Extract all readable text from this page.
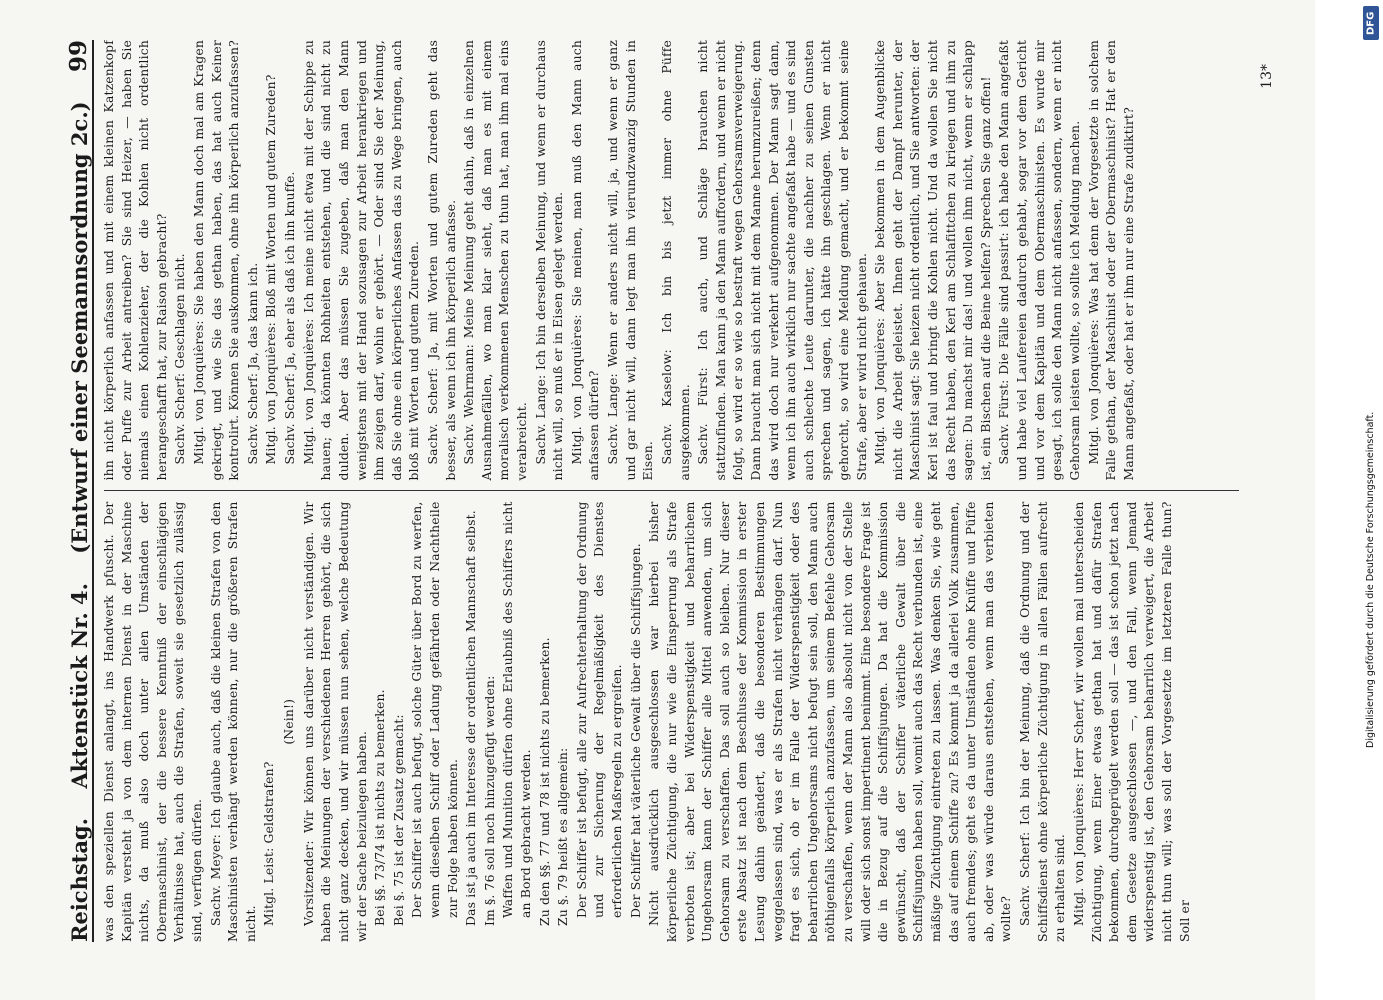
Reichstag.
Aktenstück Nr. 4.
(Entwurf einer Seemannsordnung 2c.)
99

was den speziellen Dienst anlangt, ins Handwerk pfuscht. Der Kapitän versteht ja von dem internen Dienst in der Maschine nichts, da muß also doch unter allen Umständen der Obermaschinist, der die bessere Kenntniß der einschlägigen Verhältnisse hat, auch die Strafen, soweit sie gesetzlich zulässig sind, verfügen dürfen. Sachv. Meyer: Ich glaube auch, daß die kleinen Strafen von den Maschinisten verhängt werden können, nur die größeren Strafen nicht. Mitgl. Leist: Geldstrafen?

(Nein!) Vorsitzender: Wir können uns darüber nicht verständigen. Wir haben die Meinungen der verschiedenen Herren gehört, die sich nicht ganz decken, und wir müssen nun sehen, welche Bedeutung wir der Sache beizulegen haben. Bei §§. 73/74 ist nichts zu bemerken. Bei §. 75 ist der Zusatz gemacht: Der Schiffer ist auch befugt, solche Güter über Bord zu werfen, wenn dieselben Schiff oder Ladung gefährden oder Nachtheile zur Folge haben können. Das ist ja auch im Interesse der ordentlichen Mannschaft selbst. Im §. 76 soll noch hinzugefügt werden: Waffen und Munition dürfen ohne Erlaubniß des Schiffers nicht an Bord gebracht werden. Zu den §§. 77 und 78 ist nichts zu bemerken. Zu §. 79 heißt es allgemein: Der Schiffer ist befugt, alle zur Aufrechterhaltung der Ordnung und zur Sicherung der Regelmäßigkeit des Dienstes erforderlichen Maßregeln zu ergreifen. Der Schiffer hat väterliche Gewalt über die Schiffsjungen. Nicht ausdrücklich ausgeschlossen war hierbei bisher körperliche Züchtigung, die nur wie die Einsperrung als Strafe verboten ist; aber bei Widerspenstigkeit und beharrlichem Ungehorsam kann der Schiffer alle Mittel anwenden, um sich Gehorsam zu verschaffen. Das soll auch so bleiben. Nur dieser erste Absatz ist nach dem Beschlusse der Kommission in erster Lesung dahin geändert, daß die besonderen Bestimmungen weggelassen sind, was er als Strafen nicht verhängen darf. Nun fragt es sich, ob er im Falle der Widerspenstigkeit oder des beharrlichen Ungehorsams nicht befugt sein soll, den Mann auch nöthigenfalls körperlich anzufassen, um seinem Befehle Gehorsam zu verschaffen, wenn der Mann also absolut nicht von der Stelle will oder sich sonst impertinent benimmt. Eine besondere Frage ist die in Bezug auf die Schiffsjungen. Da hat die Kommission gewünscht, daß der Schiffer väterliche Gewalt über die Schiffsjungen haben soll, womit auch das Recht verbunden ist, eine mäßige Züchtigung eintreten zu lassen. Was denken Sie, wie geht das auf einem Schiffe zu? Es kommt ja da allerlei Volk zusammen, auch fremdes; geht es da unter Umständen ohne Knüffe und Püffe ab, oder was würde daraus entstehen, wenn man das verbieten wollte? Sachv. Scherf: Ich bin der Meinung, daß die Ordnung und der Schiffsdienst ohne körperliche Züchtigung in allen Fällen aufrecht zu erhalten sind. Mitgl. von Jonquières: Herr Scherf, wir wollen mal unterscheiden Züchtigung, wenn Einer etwas gethan hat und dafür Strafen bekommen, durchgeprügelt werden soll — das ist schon jetzt nach dem Gesetze ausgeschlossen —, und den Fall, wenn Jemand widerspenstig ist, den Gehorsam beharrlich verweigert, die Arbeit nicht thun will; was soll der Vorgesetzte im letzteren Falle thun? Soll er

ihn nicht körperlich anfassen und mit einem kleinen Katzenkopf oder Puffe zur Arbeit antreiben? Sie sind Heizer, — haben Sie niemals einen Kohlenzieher, der die Kohlen nicht ordentlich herangeschafft hat, zur Raison gebracht? Sachv. Scherf: Geschlagen nicht. Mitgl. von Jonquières: Sie haben den Mann doch mal am Kragen gekriegt, und wie Sie das gethan haben, das hat auch Keiner kontrolirt. Können Sie auskommen, ohne ihn körperlich anzufassen? Sachv. Scherf: Ja, das kann ich. Mitgl. von Jonquières: Bloß mit Worten und gutem Zureden? Sachv. Scherf: Ja, eher als daß ich ihn knuffe. Mitgl. von Jonquières: Ich meine nicht etwa mit der Schippe zu hauen; da könnten Rohheiten entstehen, und die sind nicht zu dulden. Aber das müssen Sie zugeben, daß man den Mann wenigstens mit der Hand sozusagen zur Arbeit herankriegen und ihm zeigen darf, wohin er gehört. — Oder sind Sie der Meinung, daß Sie ohne ein körperliches Anfassen das zu Wege bringen, auch bloß mit Worten und gutem Zureden. Sachv. Scherf: Ja, mit Worten und gutem Zureden geht das besser, als wenn ich ihn körperlich anfasse. Sachv. Wehrmann: Meine Meinung geht dahin, daß in einzelnen Ausnahmefällen, wo man klar sieht, daß man es mit einem moralisch verkommenen Menschen zu thun hat, man ihm mal eins verabreicht. Sachv. Lange: Ich bin derselben Meinung, und wenn er durchaus nicht will, so muß er in Eisen gelegt werden. Mitgl. von Jonquières: Sie meinen, man muß den Mann auch anfassen dürfen? Sachv. Lange: Wenn er anders nicht will, ja, und wenn er ganz und gar nicht will, dann legt man ihn vierundzwanzig Stunden in Eisen. Sachv. Kaselow: Ich bin bis jetzt immer ohne Püffe ausgekommen. Sachv. Fürst: Ich auch, und Schläge brauchen nicht stattzufinden. Man kann ja den Mann auffordern, und wenn er nicht folgt, so wird er so wie so bestraft wegen Gehorsamsverweigerung. Dann braucht man sich nicht mit dem Manne herumzureißen; denn das wird doch nur verkehrt aufgenommen. Der Mann sagt dann, wenn ich ihn auch wirklich nur sachte angefaßt habe — und es sind auch schlechte Leute darunter, die nachher zu seinen Gunsten sprechen und sagen, ich hätte ihn geschlagen. Wenn er nicht gehorcht, so wird eine Meldung gemacht, und er bekommt seine Strafe, aber er wird nicht gehauen. Mitgl. von Jonquières: Aber Sie bekommen in dem Augenblicke nicht die Arbeit geleistet. Ihnen geht der Dampf herunter, der Maschinist sagt: Sie heizen nicht ordentlich, und Sie antworten: der Kerl ist faul und bringt die Kohlen nicht. Und da wollen Sie nicht das Recht haben, den Kerl am Schlafittchen zu kriegen und ihm zu sagen: Du machst mir das! und wollen ihm nicht, wenn er schlapp ist, ein Bischen auf die Beine helfen? Sprechen Sie ganz offen! Sachv. Fürst: Die Fälle sind passirt: ich habe den Mann angefaßt und habe viel Laufereien dadurch gehabt, sogar vor dem Gericht und vor dem Kapitän und dem Obermaschinisten. Es wurde mir gesagt, ich solle den Mann nicht anfassen, sondern, wenn er nicht Gehorsam leisten wollte, so sollte ich Meldung machen. Mitgl. von Jonquières: Was hat denn der Vorgesetzte in solchem Falle gethan, der Maschinist oder der Obermaschinist? Hat er den Mann angefaßt, oder hat er ihm nur eine Strafe zudiktirt?

13*
DFG
Digitalisierung gefördert durch die Deutsche Forschungsgemeinschaft.
